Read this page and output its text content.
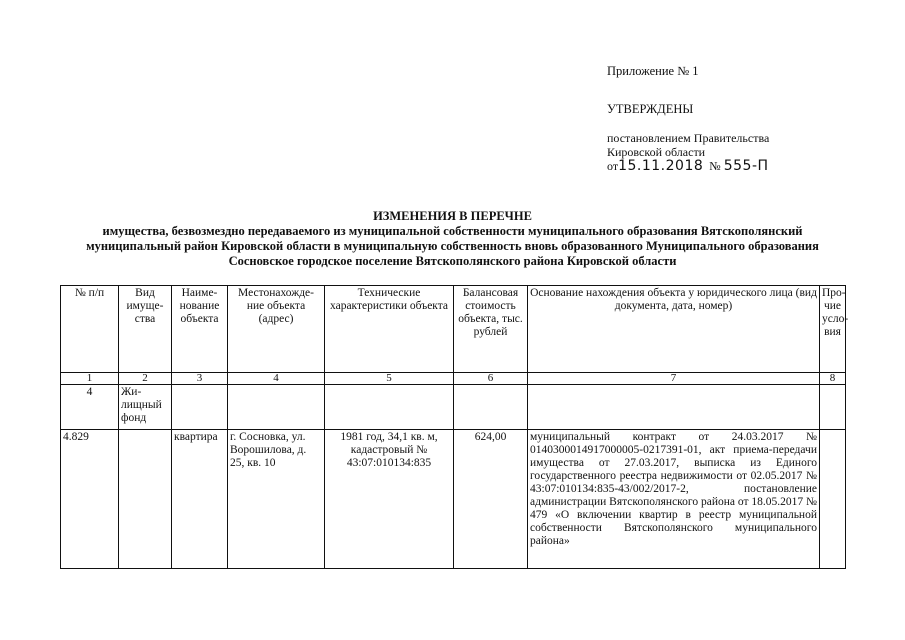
Приложение № 1
УТВЕРЖДЕНЫ
постановлением Правительства
Кировской области
от15.11.2018 № 555-П
ИЗМЕНЕНИЯ В ПЕРЕЧНЕ
имущества, безвозмездно передаваемого из муниципальной собственности муниципального образования Вятскополянский
муниципальный район Кировской области в муниципальную собственность вновь образованного Муниципального образования
Сосновское городское поселение Вятскополянского района Кировской области
№ п/п	Вид имуще-ства	Наиме-нование объекта	Местонахожде-ние объекта (адрес)	Технические характеристики объекта	Балансовая стоимость объекта, тыс. рублей	Основание нахождения объекта у юридического лица (вид документа, дата, номер)	Про-чие усло-вия
1	2	3	4	5	6	7	8
4	Жи-лищный фонд						
4.829		квартира	г. Сосновка, ул. Ворошилова, д. 25, кв. 10	1981 год, 34,1 кв. м, кадастровый № 43:07:010134:835	624,00	муниципальный контракт от 24.03.2017 № 0140300014917000005-0217391-01, акт приема-передачи имущества от 27.03.2017, выписка из Единого государственного реестра недвижимости от 02.05.2017 № 43:07:010134:835-43/002/2017-2, постановление администрации Вятскополянского района от 18.05.2017 № 479 «О включении квартир в реестр муниципальной собственности Вятскополянского муниципального района»	
